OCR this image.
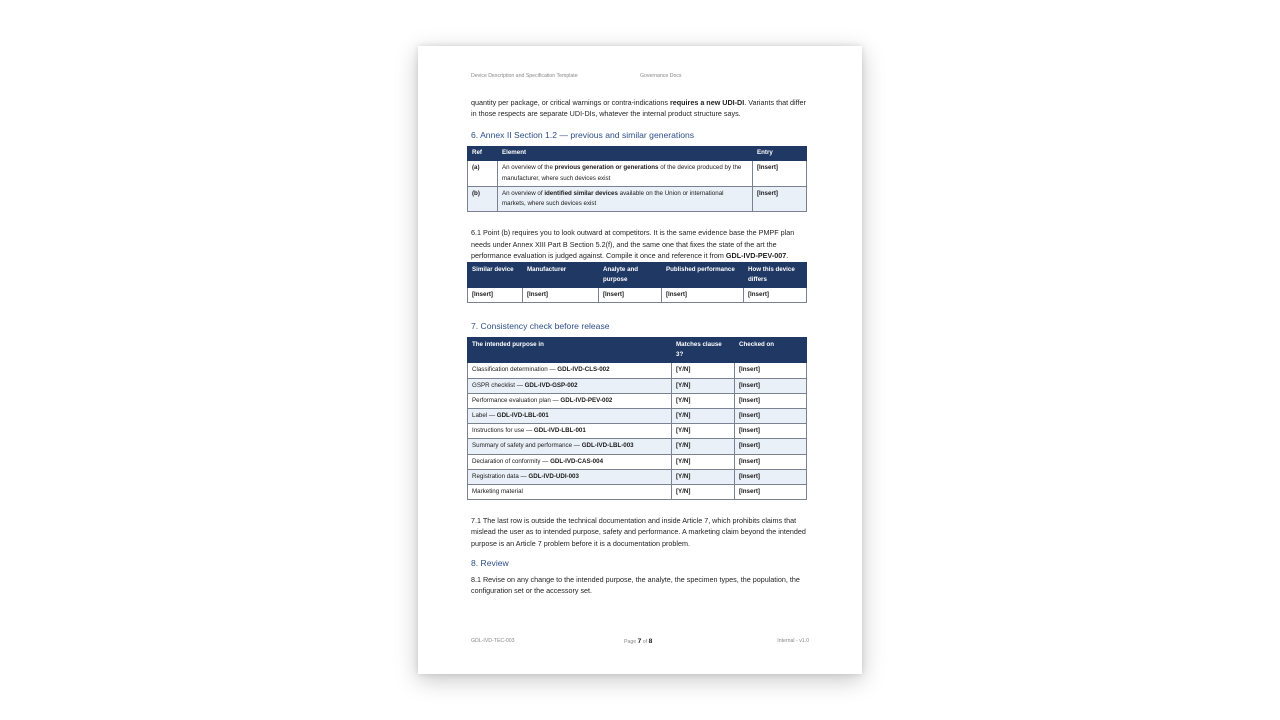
Device Description and Specification Template	Governance Docs

quantity per package, or critical warnings or contra-indications requires a new UDI-DI. Variants that differ in those respects are separate UDI-DIs, whatever the internal product structure says.

6. Annex II Section 1.2 — previous and similar generations
Ref	Element	Entry
(a)	An overview of the previous generation or generations of the device produced by the manufacturer, where such devices exist	[Insert]
(b)	An overview of identified similar devices available on the Union or international markets, where such devices exist	[Insert]

6.1 Point (b) requires you to look outward at competitors. It is the same evidence base the PMPF plan needs under Annex XIII Part B Section 5.2(f), and the same one that fixes the state of the art the performance evaluation is judged against. Compile it once and reference it from GDL-IVD-PEV-007.

Similar device	Manufacturer	Analyte and purpose	Published performance	How this device differs
[Insert]	[Insert]	[Insert]	[Insert]	[Insert]
7. Consistency check before release
The intended purpose in	Matches clause 3?	Checked on
Classification determination — GDL-IVD-CLS-002	[Y/N]	[Insert]
GSPR checklist — GDL-IVD-GSP-002	[Y/N]	[Insert]
Performance evaluation plan — GDL-IVD-PEV-002	[Y/N]	[Insert]
Label — GDL-IVD-LBL-001	[Y/N]	[Insert]
Instructions for use — GDL-IVD-LBL-001	[Y/N]	[Insert]
Summary of safety and performance — GDL-IVD-LBL-003	[Y/N]	[Insert]
Declaration of conformity — GDL-IVD-CAS-004	[Y/N]	[Insert]
Registration data — GDL-IVD-UDI-003	[Y/N]	[Insert]
Marketing material	[Y/N]	[Insert]

7.1 The last row is outside the technical documentation and inside Article 7, which prohibits claims that mislead the user as to intended purpose, safety and performance. A marketing claim beyond the intended purpose is an Article 7 problem before it is a documentation problem.

8. Review

8.1 Revise on any change to the intended purpose, the analyte, the specimen types, the population, the configuration set or the accessory set.

GDL-IVD-TEC-003	Page 7 of 8	Internal - v1.0
